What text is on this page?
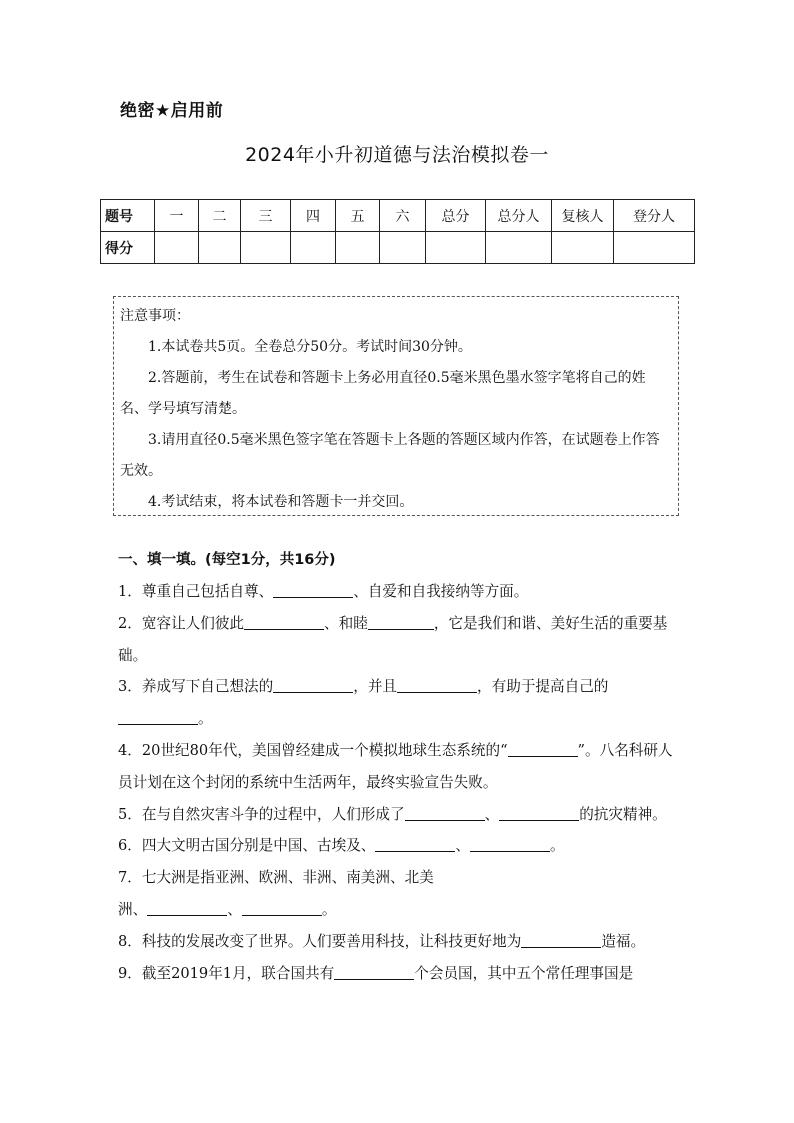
绝密★启用前
2024年小升初道德与法治模拟卷一
题号	一	二	三	四	五	六	总分	总分人	复核人	登分人
得分										

注意事项：

1.本试卷共5页。全卷总分50分。考试时间30分钟。

2.答题前，考生在试卷和答题卡上务必用直径0.5毫米黑色墨水签字笔将自己的姓名、学号填写清楚。

3.请用直径0.5毫米黑色签字笔在答题卡上各题的答题区域内作答，在试题卷上作答无效。

4.考试结束，将本试卷和答题卡一并交回。

一、填一填。(每空1分，共16分)

1．尊重自己包括自尊、	、自爱和自我接纳等方面。

2．宽容让人们彼此	、和睦	，它是我们和谐、美好生活的重要基础。

3．养成写下自己想法的	，并且	，有助于提高自己的。

4．20世纪80年代，美国曾经建成一个模拟地球生态系统的“	”。八名科研人员计划在这个封闭的系统中生活两年，最终实验宣告失败。

5．在与自然灾害斗争的过程中，人们形成了	、	的抗灾精神。

6．四大文明古国分别是中国、古埃及、	、	。

7．七大洲是指亚洲、欧洲、非洲、南美洲、北美
洲、	、	。

8．科技的发展改变了世界。人们要善用科技，让科技更好地为	造福。

9．截至2019年1月，联合国共有	个会员国，其中五个常任理事国是
